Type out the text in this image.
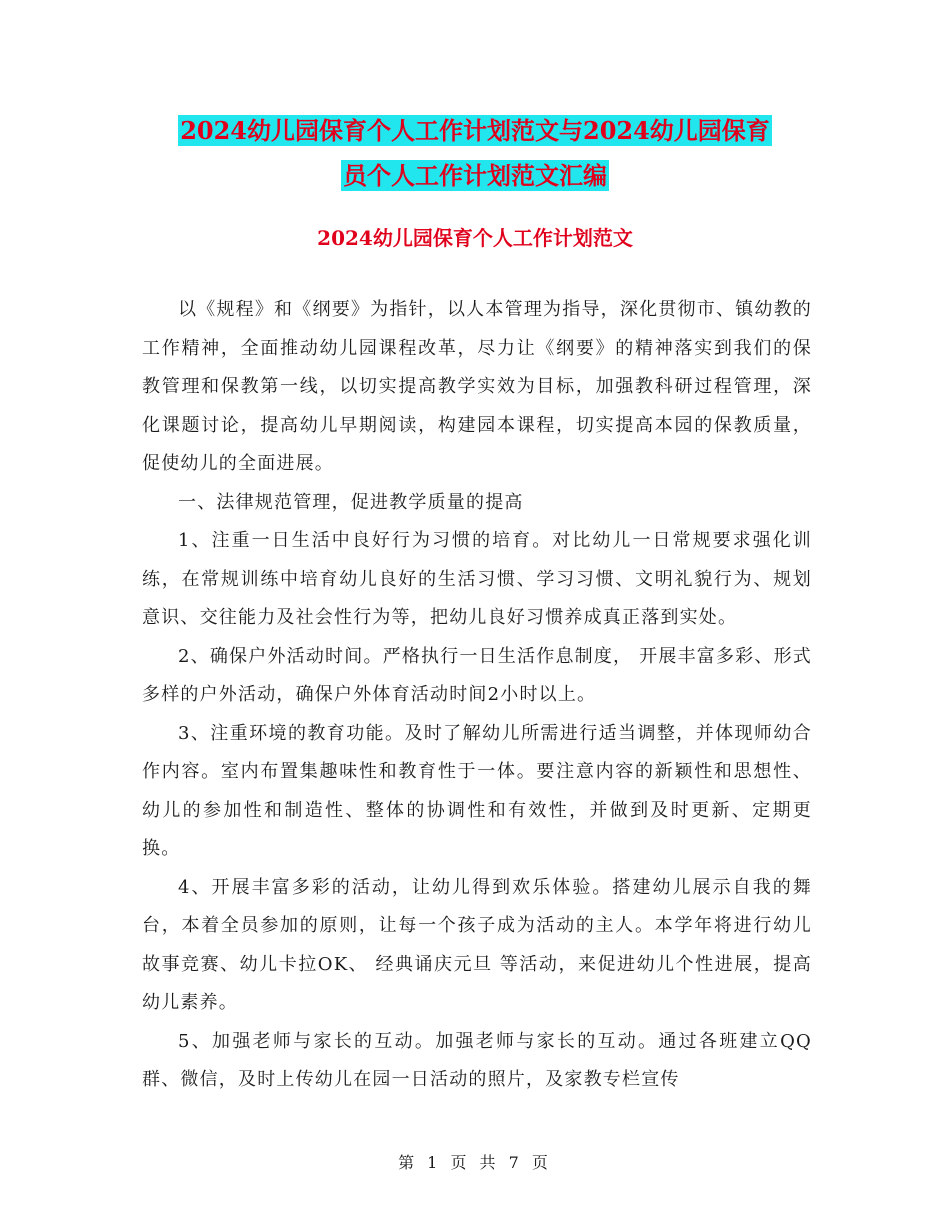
2024幼儿园保育个人工作计划范文与2024幼儿园保育
员个人工作计划范文汇编
2024幼儿园保育个人工作计划范文

以《规程》和《纲要》为指针，以人本管理为指导，深化贯彻市、镇幼教的工作精神，全面推动幼儿园课程改革，尽力让《纲要》的精神落实到我们的保教管理和保教第一线，以切实提高教学实效为目标，加强教科研过程管理，深化课题讨论，提高幼儿早期阅读，构建园本课程，切实提高本园的保教质量，促使幼儿的全面进展。

一、法律规范管理，促进教学质量的提高

1、注重一日生活中良好行为习惯的培育。对比幼儿一日常规要求强化训练，在常规训练中培育幼儿良好的生活习惯、学习习惯、文明礼貌行为、规划意识、交往能力及社会性行为等，把幼儿良好习惯养成真正落到实处。

2、确保户外活动时间。严格执行一日生活作息制度， 开展丰富多彩、形式多样的户外活动，确保户外体育活动时间2小时以上。

3、注重环境的教育功能。及时了解幼儿所需进行适当调整，并体现师幼合作内容。室内布置集趣味性和教育性于一体。要注意内容的新颖性和思想性、幼儿的参加性和制造性、整体的协调性和有效性，并做到及时更新、定期更换。

4、开展丰富多彩的活动，让幼儿得到欢乐体验。搭建幼儿展示自我的舞台，本着全员参加的原则，让每一个孩子成为活动的主人。本学年将进行幼儿故事竞赛、幼儿卡拉OK、 经典诵庆元旦 等活动，来促进幼儿个性进展，提高幼儿素养。

5、加强老师与家长的互动。加强老师与家长的互动。通过各班建立QQ群、微信，及时上传幼儿在园一日活动的照片，及家教专栏宣传

第 1 页 共 7 页
